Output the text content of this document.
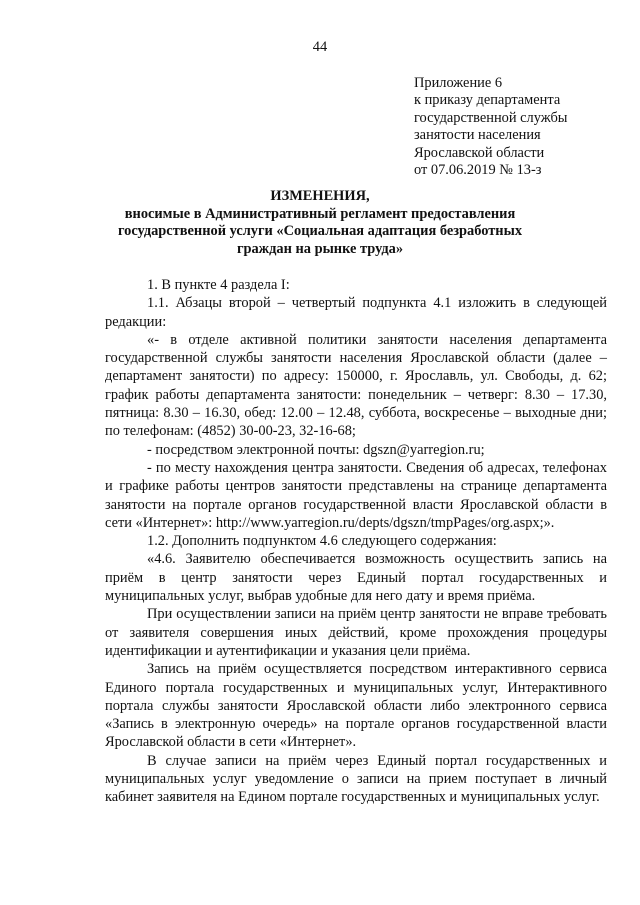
44
Приложение 6
к приказу департамента
государственной службы
занятости населения
Ярославской области
от 07.06.2019 № 13-з
ИЗМЕНЕНИЯ,
вносимые в Административный регламент предоставления государственной услуги «Социальная адаптация безработных граждан на рынке труда»

1. В пункте 4 раздела I:

1.1. Абзацы второй – четвертый подпункта 4.1 изложить в следующей редакции:

«- в отделе активной политики занятости населения департамента государственной службы занятости населения Ярославской области (далее – департамент занятости) по адресу: 150000, г. Ярославль, ул. Свободы, д. 62; график работы департамента занятости: понедельник – четверг: 8.30 – 17.30, пятница: 8.30 – 16.30, обед: 12.00 – 12.48, суббота, воскресенье – выходные дни; по телефонам: (4852) 30-00-23, 32-16-68;

- посредством электронной почты: dgszn@yarregion.ru;

- по месту нахождения центра занятости. Сведения об адресах, телефонах и графике работы центров занятости представлены на странице департамента занятости на портале органов государственной власти Ярославской области в сети «Интернет»: http://www.yarregion.ru/depts/dgszn/tmpPages/org.aspx;».

1.2. Дополнить подпунктом 4.6 следующего содержания:

«4.6. Заявителю обеспечивается возможность осуществить запись на приём в центр занятости через Единый портал государственных и муниципальных услуг, выбрав удобные для него дату и время приёма.

При осуществлении записи на приём центр занятости не вправе требовать от заявителя совершения иных действий, кроме прохождения процедуры идентификации и аутентификации и указания цели приёма.

Запись на приём осуществляется посредством интерактивного сервиса Единого портала государственных и муниципальных услуг, Интерактивного портала службы занятости Ярославской области либо электронного сервиса «Запись в электронную очередь» на портале органов государственной власти Ярославской области в сети «Интернет».

В случае записи на приём через Единый портал государственных и муниципальных услуг уведомление о записи на прием поступает в личный кабинет заявителя на Едином портале государственных и муниципальных услуг.
